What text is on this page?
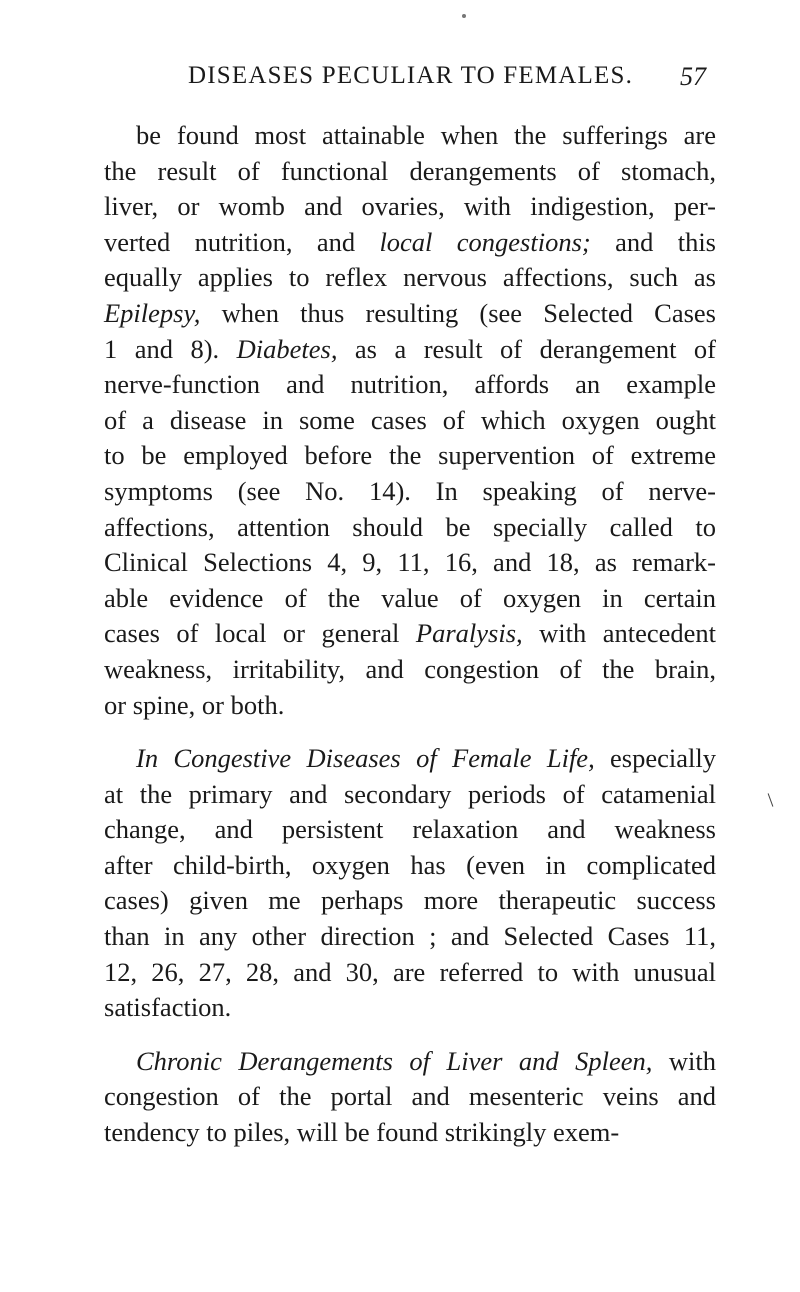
DISEASES PECULIAR TO FEMALES. 57

be found most attainable when the sufferings are
the result of functional derangements of stomach,
liver, or womb and ovaries, with indigestion, per-
verted nutrition, and local congestions; and this
equally applies to reflex nervous affections, such as
Epilepsy, when thus resulting (see Selected Cases
1 and 8). Diabetes, as a result of derangement of
nerve-function and nutrition, affords an example
of a disease in some cases of which oxygen ought
to be employed before the supervention of extreme
symptoms (see No. 14). In speaking of nerve-
affections, attention should be specially called to
Clinical Selections 4, 9, 11, 16, and 18, as remark-
able evidence of the value of oxygen in certain
cases of local or general Paralysis, with antecedent
weakness, irritability, and congestion of the brain,
or spine, or both.

In Congestive Diseases of Female Life, especially
at the primary and secondary periods of catamenial
change, and persistent relaxation and weakness
after child-birth, oxygen has (even in complicated
cases) given me perhaps more therapeutic success
than in any other direction ; and Selected Cases 11,
12, 26, 27, 28, and 30, are referred to with unusual
satisfaction.

Chronic Derangements of Liver and Spleen, with
congestion of the portal and mesenteric veins and
tendency to piles, will be found strikingly exem-
